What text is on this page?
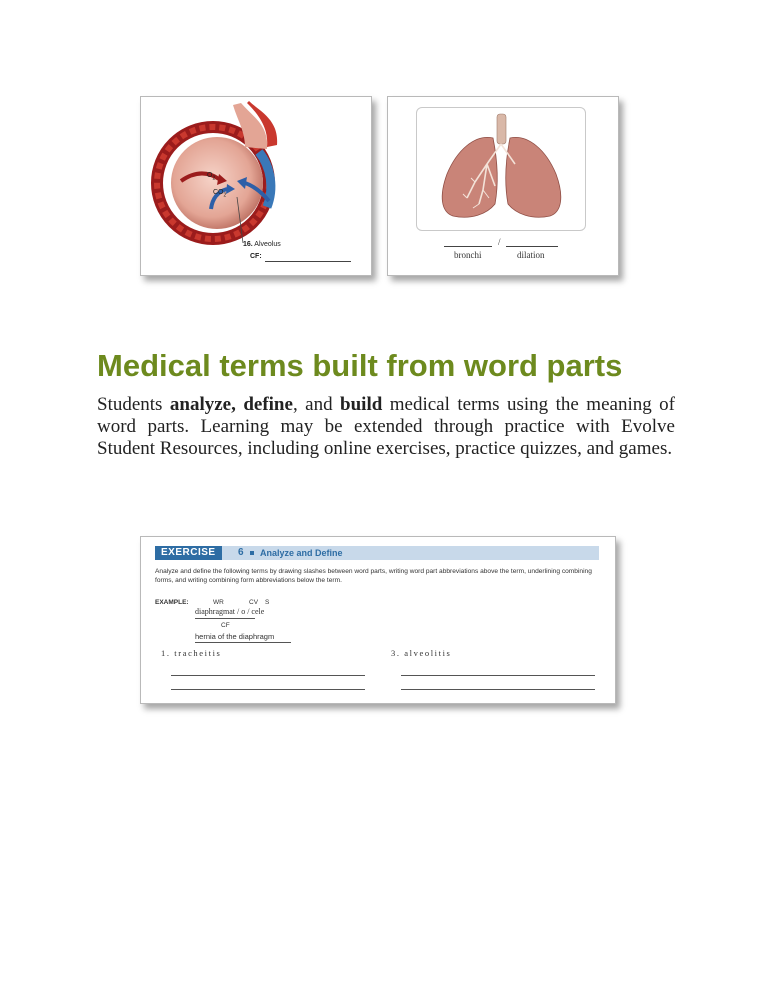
$O_2$
$CO_2$
16. Alveolus
CF:
/
bronchi	dilation
Medical terms built from word parts

Students analyze, define, and build medical terms using the meaning of word parts. Learning may be extended through practice with Evolve Student Resources, including online exercises, practice quizzes, and games.

EXERCISE	6 Analyze and Define
Analyze and define the following terms by drawing slashes between word parts, writing word part abbreviations above the term, underlining combining forms, and writing combining form abbreviations below the term.
EXAMPLE:	WR	CV S
diaphragmat / o / cele
CF
hernia of the diaphragm
1. tracheitis	3. alveolitis
